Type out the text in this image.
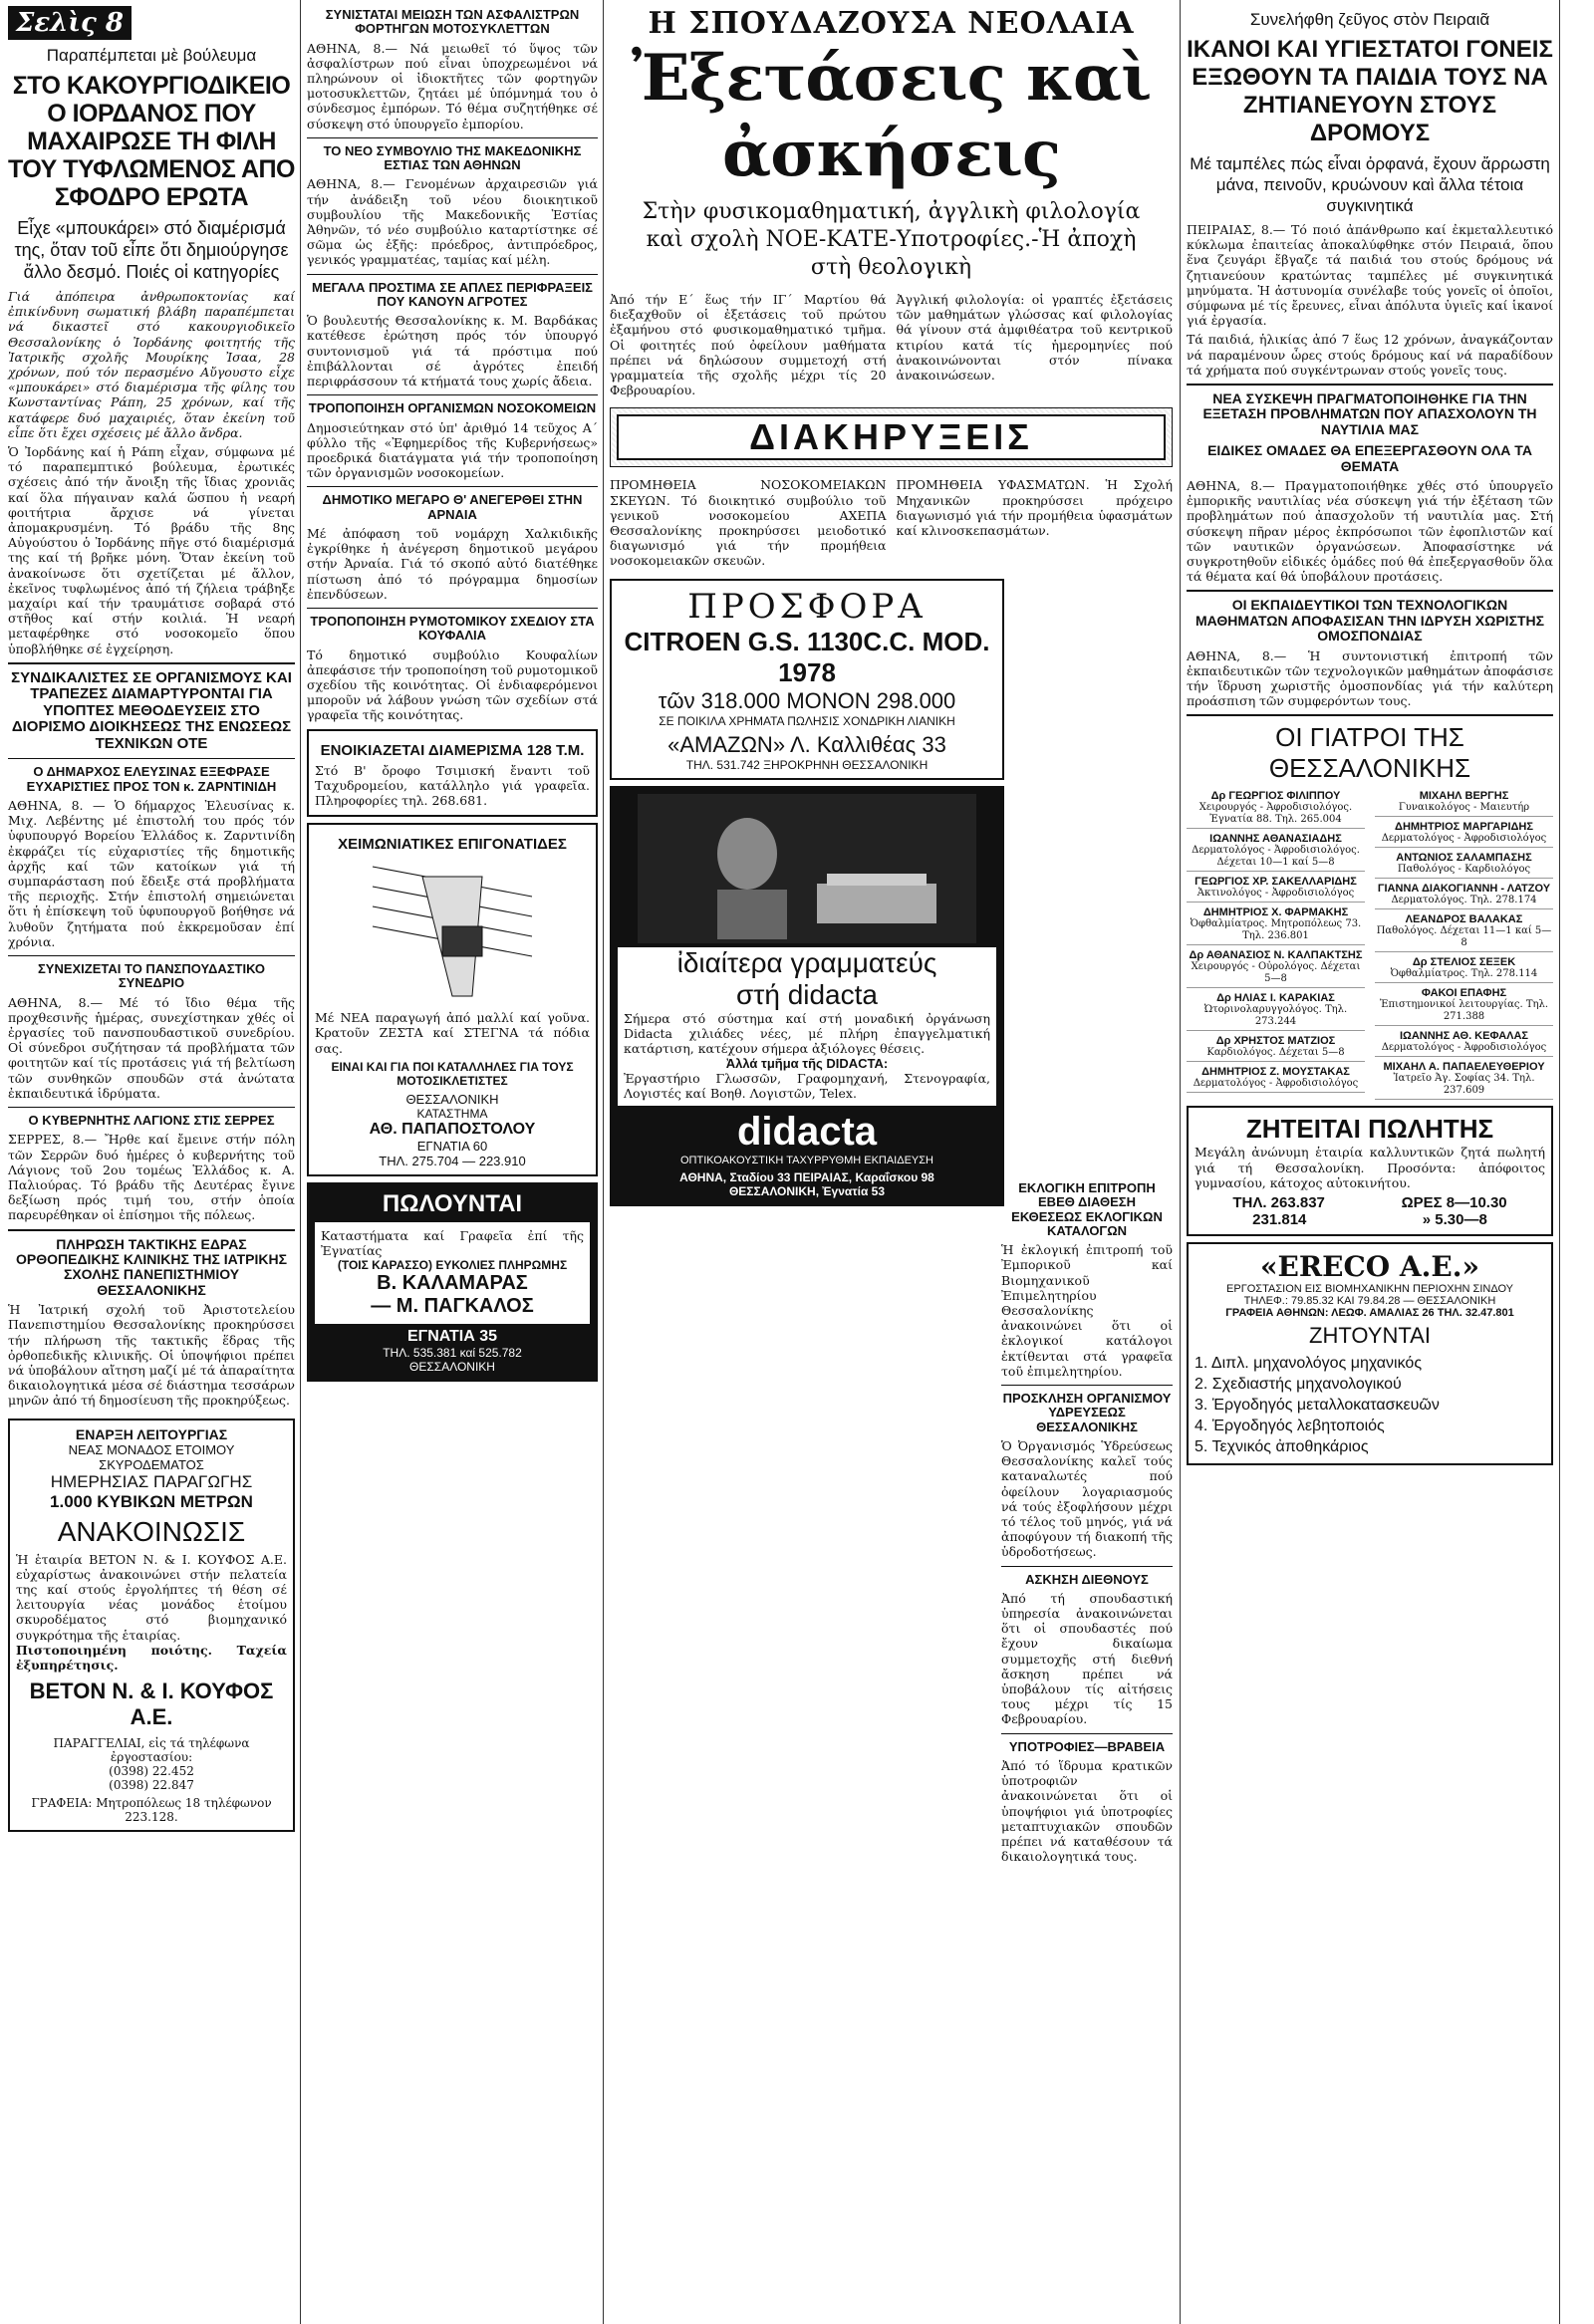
Σελὶς 8
Παραπέμπεται μὲ βούλευμα
ΣΤΟ ΚΑΚΟΥΡΓΙΟΔΙΚΕΙΟ Ο ΙΟΡΔΑΝΟΣ ΠΟΥ ΜΑΧΑΙΡΩΣΕ ΤΗ ΦΙΛΗ ΤΟΥ ΤΥΦΛΩΜΕΝΟΣ ΑΠΟ ΣΦΟΔΡΟ ΕΡΩΤΑ
Εἶχε «μπουκάρει» στό διαμέρισμά της, ὅταν τοῦ εἶπε ὅτι δημιούργησε ἄλλο δεσμό. Ποιές οἱ κατηγορίες
Γιά ἀπόπειρα ἀνθρωποκτονίας καί ἐπικίνδυνη σωματική βλάβη παραπέμπεται νά δικαστεῖ στό κακουργιοδικεῖο Θεσσαλονίκης ὁ Ἰορδάνης φοιτητής τῆς Ἰατρικῆς σχολῆς Μουρίκης Ἰσαα, 28 χρόνων, πού τόν περασμένο Αὔγουστο εἶχε «μπουκάρει» στό διαμέρισμα τῆς φίλης του Κωνσταντίνας Ράπη, 25 χρόνων, καί τῆς κατάφερε δυό μαχαιριές, ὅταν ἐκείνη τοῦ εἶπε ὅτι ἔχει σχέσεις μέ ἄλλο ἄνδρα.
Ὁ Ἰορδάνης καί ἡ Ράπη εἶχαν, σύμφωνα μέ τό παραπεμπτικό βούλευμα, ἐρωτικές σχέσεις ἀπό τήν ἄνοιξη τῆς ἴδιας χρονιᾶς καί ὅλα πήγαιναν καλά ὥσπου ἡ νεαρή φοιτήτρια ἄρχισε νά γίνεται ἀπομακρυσμένη. Τό βράδυ τῆς 8ης Αὐγούστου ὁ Ἰορδάνης πῆγε στό διαμέρισμά της καί τή βρῆκε μόνη. Ὅταν ἐκείνη τοῦ ἀνακοίνωσε ὅτι σχετίζεται μέ ἄλλον, ἐκεῖνος τυφλωμένος ἀπό τή ζήλεια τράβηξε μαχαίρι καί τήν τραυμάτισε σοβαρά στό στῆθος καί στήν κοιλιά. Ἡ νεαρή μεταφέρθηκε στό νοσοκομεῖο ὅπου ὑποβλήθηκε σέ ἐγχείρηση.
ΣΥΝΔΙΚΑΛΙΣΤΕΣ ΣΕ ΟΡΓΑΝΙΣΜΟΥΣ ΚΑΙ ΤΡΑΠΕΖΕΣ ΔΙΑΜΑΡΤΥΡΟΝΤΑΙ ΓΙΑ ΥΠΟΠΤΕΣ ΜΕΘΟΔΕΥΣΕΙΣ ΣΤΟ ΔΙΟΡΙΣΜΟ ΔΙΟΙΚΗΣΕΩΣ ΤΗΣ ΕΝΩΣΕΩΣ ΤΕΧΝΙΚΩΝ ΟΤΕ
Ο ΔΗΜΑΡΧΟΣ ΕΛΕΥΣΙΝΑΣ ΕΞΕΦΡΑΣΕ ΕΥΧΑΡΙΣΤΙΕΣ ΠΡΟΣ ΤΟΝ κ. ΖΑΡΝΤΙΝΙΔΗ
ΑΘΗΝΑ, 8. — Ὁ δήμαρχος Ἐλευσίνας κ. Μιχ. Λεβέντης μέ ἐπιστολή του πρός τόν ὑφυπουργό Βορείου Ἑλλάδος κ. Ζαρντινίδη ἐκφράζει τίς εὐχαριστίες τῆς δημοτικῆς ἀρχῆς καί τῶν κατοίκων γιά τή συμπαράσταση πού ἔδειξε στά προβλήματα τῆς περιοχῆς. Στήν ἐπιστολή σημειώνεται ὅτι ἡ ἐπίσκεψη τοῦ ὑφυπουργοῦ βοήθησε νά λυθοῦν ζητήματα πού ἐκκρεμοῦσαν ἐπί χρόνια.
ΣΥΝΕΧΙΖΕΤΑΙ ΤΟ ΠΑΝΣΠΟΥΔΑΣΤΙΚΟ ΣΥΝΕΔΡΙΟ
ΑΘΗΝΑ, 8.— Μέ τό ἴδιο θέμα τῆς προχθεσινῆς ἡμέρας, συνεχίστηκαν χθές οἱ ἐργασίες τοῦ πανσπουδαστικοῦ συνεδρίου. Οἱ σύνεδροι συζήτησαν τά προβλήματα τῶν φοιτητῶν καί τίς προτάσεις γιά τή βελτίωση τῶν συνθηκῶν σπουδῶν στά ἀνώτατα ἐκπαιδευτικά ἱδρύματα.
Ο ΚΥΒΕΡΝΗΤΗΣ ΛΑΓΙΟΝΣ ΣΤΙΣ ΣΕΡΡΕΣ
ΣΕΡΡΕΣ, 8.— Ἤρθε καί ἔμεινε στήν πόλη τῶν Σερρῶν δυό ἡμέρες ὁ κυβερνήτης τοῦ Λάγιονς τοῦ 2ου τομέως Ἑλλάδος κ. Α. Παλιούρας. Τό βράδυ τῆς Δευτέρας ἔγινε δεξίωση πρός τιμή του, στήν ὁποία παρευρέθηκαν οἱ ἐπίσημοι τῆς πόλεως.
ΠΛΗΡΩΣΗ ΤΑΚΤΙΚΗΣ ΕΔΡΑΣ ΟΡΘΟΠΕΔΙΚΗΣ ΚΛΙΝΙΚΗΣ ΤΗΣ ΙΑΤΡΙΚΗΣ ΣΧΟΛΗΣ ΠΑΝΕΠΙΣΤΗΜΙΟΥ ΘΕΣΣΑΛΟΝΙΚΗΣ
Ἡ Ἰατρική σχολή τοῦ Ἀριστοτελείου Πανεπιστημίου Θεσσαλονίκης προκηρύσσει τήν πλήρωση τῆς τακτικῆς ἕδρας τῆς ὀρθοπεδικῆς κλινικῆς. Οἱ ὑποψήφιοι πρέπει νά ὑποβάλουν αἴτηση μαζί μέ τά ἀπαραίτητα δικαιολογητικά μέσα σέ διάστημα τεσσάρων μηνῶν ἀπό τή δημοσίευση τῆς προκηρύξεως.
ΕΝΑΡΞΗ ΛΕΙΤΟΥΡΓΙΑΣ
ΝΕΑΣ ΜΟΝΑΔΟΣ ΕΤΟΙΜΟΥ ΣΚΥΡΟΔΕΜΑΤΟΣ
ΗΜΕΡΗΣΙΑΣ ΠΑΡΑΓΩΓΗΣ
1.000 ΚΥΒΙΚΩΝ ΜΕΤΡΩΝ
ΑΝΑΚΟΙΝΩΣΙΣ
Ἡ ἑταιρία ΒΕΤΟΝ Ν. & Ι. ΚΟΥΦΟΣ Α.Ε. εὐχαρίστως ἀνακοινώνει στήν πελατεία της καί στούς ἐργολήπτες τή θέση σέ λειτουργία νέας μονάδος ἑτοίμου σκυροδέματος στό βιομηχανικό συγκρότημα τῆς ἑταιρίας.
Πιστοποιημένη ποιότης. Ταχεία ἐξυπηρέτησις.
ΒΕΤΟΝ Ν. & Ι. ΚΟΥΦΟΣ Α.Ε.
ΠΑΡΑΓΓΕΛΙΑΙ, εἰς τά τηλέφωνα ἐργοστασίου:
(0398) 22.452
(0398) 22.847
ΓΡΑΦΕΙΑ: Μητροπόλεως 18 τηλέφωνον 223.128.
ΣΥΝΙΣΤΑΤΑΙ ΜΕΙΩΣΗ ΤΩΝ ΑΣΦΑΛΙΣΤΡΩΝ ΦΟΡΤΗΓΩΝ ΜΟΤΟΣΥΚΛΕΤΤΩΝ
ΑΘΗΝΑ, 8.— Νά μειωθεῖ τό ὕψος τῶν ἀσφαλίστρων πού εἶναι ὑποχρεωμένοι νά πληρώνουν οἱ ἰδιοκτῆτες τῶν φορτηγῶν μοτοσυκλεττῶν, ζητάει μέ ὑπόμνημά του ὁ σύνδεσμος ἐμπόρων. Τό θέμα συζητήθηκε σέ σύσκεψη στό ὑπουργεῖο ἐμπορίου.
ΤΟ ΝΕΟ ΣΥΜΒΟΥΛΙΟ ΤΗΣ ΜΑΚΕΔΟΝΙΚΗΣ ΕΣΤΙΑΣ ΤΩΝ ΑΘΗΝΩΝ
ΑΘΗΝΑ, 8.— Γενομένων ἀρχαιρεσιῶν γιά τήν ἀνάδειξη τοῦ νέου διοικητικοῦ συμβουλίου τῆς Μακεδονικῆς Ἑστίας Ἀθηνῶν, τό νέο συμβούλιο καταρτίστηκε σέ σῶμα ὡς ἑξῆς: πρόεδρος, ἀντιπρόεδρος, γενικός γραμματέας, ταμίας καί μέλη.
ΜΕΓΑΛΑ ΠΡΟΣΤΙΜΑ ΣΕ ΑΠΛΕΣ ΠΕΡΙΦΡΑΞΕΙΣ ΠΟΥ ΚΑΝΟΥΝ ΑΓΡΟΤΕΣ
Ὁ βουλευτής Θεσσαλονίκης κ. Μ. Βαρδάκας κατέθεσε ἐρώτηση πρός τόν ὑπουργό συντονισμοῦ γιά τά πρόστιμα πού ἐπιβάλλονται σέ ἀγρότες ἐπειδή περιφράσσουν τά κτήματά τους χωρίς ἄδεια.
ΤΡΟΠΟΠΟΙΗΣΗ ΟΡΓΑΝΙΣΜΩΝ ΝΟΣΟΚΟΜΕΙΩΝ
Δημοσιεύτηκαν στό ὑπ' ἀριθμό 14 τεῦχος Α΄ φύλλο τῆς «Ἐφημερίδος τῆς Κυβερνήσεως» προεδρικά διατάγματα γιά τήν τροποποίηση τῶν ὀργανισμῶν νοσοκομείων.
ΔΗΜΟΤΙΚΟ ΜΕΓΑΡΟ Θ' ΑΝΕΓΕΡΘΕΙ ΣΤΗΝ ΑΡΝΑΙΑ
Μέ ἀπόφαση τοῦ νομάρχη Χαλκιδικῆς ἐγκρίθηκε ἡ ἀνέγερση δημοτικοῦ μεγάρου στήν Ἀρναία. Γιά τό σκοπό αὐτό διατέθηκε πίστωση ἀπό τό πρόγραμμα δημοσίων ἐπενδύσεων.
ΤΡΟΠΟΠΟΙΗΣΗ ΡΥΜΟΤΟΜΙΚΟΥ ΣΧΕΔΙΟΥ ΣΤΑ ΚΟΥΦΑΛΙΑ
Τό δημοτικό συμβούλιο Κουφαλίων ἀπεφάσισε τήν τροποποίηση τοῦ ρυμοτομικοῦ σχεδίου τῆς κοινότητας. Οἱ ἐνδιαφερόμενοι μποροῦν νά λάβουν γνώση τῶν σχεδίων στά γραφεῖα τῆς κοινότητας.
ΕΝΟΙΚΙΑΖΕΤΑΙ ΔΙΑΜΕΡΙΣΜΑ 128 Τ.Μ.
Στό Β' ὄροφο Τσιμισκή ἔναντι τοῦ Ταχυδρομείου, κατάλληλο γιά γραφεῖα. Πληροφορίες τηλ. 268.681.
ΧΕΙΜΩΝΙΑΤΙΚΕΣ ΕΠΙΓΟΝΑΤΙΔΕΣ
Μέ ΝΕΑ παραγωγή ἀπό μαλλί καί γοῦνα. Κρατοῦν ΖΕΣΤΑ καί ΣΤΕΓΝΑ τά πόδια σας.
ΕΙΝΑΙ ΚΑΙ ΓΙΑ ΠΟΙ ΚΑΤΑΛΛΗΛΕΣ ΓΙΑ ΤΟΥΣ ΜΟΤΟΣΙΚΛΕΤΙΣΤΕΣ
ΘΕΣΣΑΛΟΝΙΚΗ
ΚΑΤΑΣΤΗΜΑ
ΑΘ. ΠΑΠΑΠΟΣΤΟΛΟΥ
ΕΓΝΑΤΙΑ 60
ΤΗΛ. 275.704 — 223.910
ΠΩΛΟΥΝΤΑΙ
Καταστήματα καί Γραφεῖα ἐπί τῆς Ἐγνατίας
(ΤΟΙΣ ΚΑΡΑΣΣΟ) ΕΥΚΟΛΙΕΣ ΠΛΗΡΩΜΗΣ
Β. ΚΑΛΑΜΑΡΑΣ
— Μ. ΠΑΓΚΑΛΟΣ
ΕΓΝΑΤΙΑ 35
ΤΗΛ. 535.381 καί 525.782
ΘΕΣΣΑΛΟΝΙΚΗ
Η ΣΠΟΥΔΑΖΟΥΣΑ ΝΕΟΛΑΙΑ
Ἐξετάσεις καὶ ἀσκήσεις
Στὴν φυσικομαθηματική, ἀγγλικὴ φιλολογία καὶ σχολὴ ΝΟΕ-ΚΑΤΕ-Υποτροφίες.-Ἡ ἀποχὴ στὴ θεολογικὴ
Ἀπό τήν Ε΄ ἕως τήν ΙΓ΄ Μαρτίου θά διεξαχθοῦν οἱ ἐξετάσεις τοῦ πρώτου ἐξαμήνου στό φυσικομαθηματικό τμῆμα. Οἱ φοιτητές πού ὀφείλουν μαθήματα πρέπει νά δηλώσουν συμμετοχή στή γραμματεία τῆς σχολῆς μέχρι τίς 20 Φεβρουαρίου.
Ἀγγλική φιλολογία: οἱ γραπτές ἐξετάσεις τῶν μαθημάτων γλώσσας καί φιλολογίας θά γίνουν στά ἀμφιθέατρα τοῦ κεντρικοῦ κτιρίου κατά τίς ἡμερομηνίες πού ἀνακοινώνονται στόν πίνακα ἀνακοινώσεων.
ΔΙΑΚΗΡΥΞΕΙΣ
ΠΡΟΜΗΘΕΙΑ ΝΟΣΟΚΟΜΕΙΑΚΩΝ ΣΚΕΥΩΝ. Τό διοικητικό συμβούλιο τοῦ γενικοῦ νοσοκομείου ΑΧΕΠΑ Θεσσαλονίκης προκηρύσσει μειοδοτικό διαγωνισμό γιά τήν προμήθεια νοσοκομειακῶν σκευῶν.
ΠΡΟΜΗΘΕΙΑ ΥΦΑΣΜΑΤΩΝ. Ἡ Σχολή Μηχανικῶν προκηρύσσει πρόχειρο διαγωνισμό γιά τήν προμήθεια ὑφασμάτων καί κλινοσκεπασμάτων.
ΠΡΟΣΦΟΡΑ
CITROEN G.S. 1130C.C. MOD. 1978
τῶν 318.000 ΜΟΝΟΝ 298.000
ΣΕ ΠΟΙΚΙΛΑ ΧΡΗΜΑΤΑ ΠΩΛΗΣΙΣ ΧΟΝΔΡΙΚΗ ΛΙΑΝΙΚΗ
«ΑΜΑΖΩΝ» Λ. Καλλιθέας 33
ΤΗΛ. 531.742 ΞΗΡΟΚΡΗΝΗ ΘΕΣΣΑΛΟΝΙΚΗ
ἰδιαίτερα γραμματεύς
στή didacta
Σήμερα στό σύστημα καί στή μοναδική ὀργάνωση Didacta χιλιάδες νέες, μέ πλήρη ἐπαγγελματική κατάρτιση, κατέχουν σήμερα ἀξιόλογες θέσεις.
Ἀλλά τμῆμα τῆς DIDACTA:
Ἐργαστήριο Γλωσσῶν, Γραφομηχανή, Στενογραφία, Λογιστές καί Βοηθ. Λογιστῶν, Telex.
didacta
ΟΠΤΙΚΟΑΚΟΥΣΤΙΚΗ ΤΑΧΥΡΡΥΘΜΗ ΕΚΠΑΙΔΕΥΣΗ
ΑΘΗΝΑ, Σταδίου 33 ΠΕΙΡΑΙΑΣ, Καραΐσκου 98
ΘΕΣΣΑΛΟΝΙΚΗ, Ἐγνατία 53	ΕΚΛΟΓΙΚΗ ΕΠΙΤΡΟΠΗ ΕΒΕΘ ΔΙΑΘΕΣΗ ΕΚΘΕΣΕΩΣ ΕΚΛΟΓΙΚΩΝ ΚΑΤΑΛΟΓΩΝ
Ἡ ἐκλογική ἐπιτροπή τοῦ Ἐμπορικοῦ καί Βιομηχανικοῦ Ἐπιμελητηρίου Θεσσαλονίκης ἀνακοινώνει ὅτι οἱ ἐκλογικοί κατάλογοι ἐκτίθενται στά γραφεῖα τοῦ ἐπιμελητηρίου.
ΠΡΟΣΚΛΗΣΗ ΟΡΓΑΝΙΣΜΟΥ ΥΔΡΕΥΣΕΩΣ ΘΕΣΣΑΛΟΝΙΚΗΣ
Ὁ Ὀργανισμός Ὑδρεύσεως Θεσσαλονίκης καλεῖ τούς καταναλωτές πού ὀφείλουν λογαριασμούς νά τούς ἐξοφλήσουν μέχρι τό τέλος τοῦ μηνός, γιά νά ἀποφύγουν τή διακοπή τῆς ὑδροδοτήσεως.
ΑΣΚΗΣΗ ΔΙΕΘΝΟΥΣ
Ἀπό τή σπουδαστική ὑπηρεσία ἀνακοινώνεται ὅτι οἱ σπουδαστές πού ἔχουν δικαίωμα συμμετοχῆς στή διεθνή ἄσκηση πρέπει νά ὑποβάλουν τίς αἰτήσεις τους μέχρι τίς 15 Φεβρουαρίου.
ΥΠΟΤΡΟΦΙΕΣ—ΒΡΑΒΕΙΑ
Ἀπό τό ἵδρυμα κρατικῶν ὑποτροφιῶν ἀνακοινώνεται ὅτι οἱ ὑποψήφιοι γιά ὑποτροφίες μεταπτυχιακῶν σπουδῶν πρέπει νά καταθέσουν τά δικαιολογητικά τους.
Συνελήφθη ζεῦγος στὸν Πειραιᾶ
ΙΚΑΝΟΙ ΚΑΙ ΥΓΙΕΣΤΑΤΟΙ ΓΟΝΕΙΣ ΕΞΩΘΟΥΝ ΤΑ ΠΑΙΔΙΑ ΤΟΥΣ ΝΑ ΖΗΤΙΑΝΕΥΟΥΝ ΣΤΟΥΣ ΔΡΟΜΟΥΣ
Μέ ταμπέλες πώς εἶναι ὀρφανά, ἔχουν ἄρρωστη μάνα, πεινοῦν, κρυώνουν καὶ ἄλλα τέτοια συγκινητικά
ΠΕΙΡΑΙΑΣ, 8.— Τό ποιό ἀπάνθρωπο καί ἐκμεταλλευτικό κύκλωμα ἐπαιτείας ἀποκαλύφθηκε στόν Πειραιά, ὅπου ἕνα ζευγάρι ἔβγαζε τά παιδιά του στούς δρόμους νά ζητιανεύουν κρατώντας ταμπέλες μέ συγκινητικά μηνύματα. Ἡ ἀστυνομία συνέλαβε τούς γονεῖς οἱ ὁποῖοι, σύμφωνα μέ τίς ἔρευνες, εἶναι ἀπόλυτα ὑγιεῖς καί ἱκανοί γιά ἐργασία.
Τά παιδιά, ἡλικίας ἀπό 7 ἕως 12 χρόνων, ἀναγκάζονταν νά παραμένουν ὧρες στούς δρόμους καί νά παραδίδουν τά χρήματα πού συγκέντρωναν στούς γονεῖς τους.
ΝΕΑ ΣΥΣΚΕΨΗ ΠΡΑΓΜΑΤΟΠΟΙΗΘΗΚΕ ΓΙΑ ΤΗΝ ΕΞΕΤΑΣΗ ΠΡΟΒΛΗΜΑΤΩΝ ΠΟΥ ΑΠΑΣΧΟΛΟΥΝ ΤΗ ΝΑΥΤΙΛΙΑ ΜΑΣ
ΕΙΔΙΚΕΣ ΟΜΑΔΕΣ ΘΑ ΕΠΕΞΕΡΓΑΣΘΟΥΝ ΟΛΑ ΤΑ ΘΕΜΑΤΑ
ΑΘΗΝΑ, 8.— Πραγματοποιήθηκε χθές στό ὑπουργεῖο ἐμπορικῆς ναυτιλίας νέα σύσκεψη γιά τήν ἐξέταση τῶν προβλημάτων πού ἀπασχολοῦν τή ναυτιλία μας. Στή σύσκεψη πῆραν μέρος ἐκπρόσωποι τῶν ἐφοπλιστῶν καί τῶν ναυτικῶν ὀργανώσεων. Ἀποφασίστηκε νά συγκροτηθοῦν εἰδικές ὁμάδες πού θά ἐπεξεργασθοῦν ὅλα τά θέματα καί θά ὑποβάλουν προτάσεις.
ΟΙ ΕΚΠΑΙΔΕΥΤΙΚΟΙ ΤΩΝ ΤΕΧΝΟΛΟΓΙΚΩΝ ΜΑΘΗΜΑΤΩΝ ΑΠΟΦΑΣΙΣΑΝ ΤΗΝ ΙΔΡΥΣΗ ΧΩΡΙΣΤΗΣ ΟΜΟΣΠΟΝΔΙΑΣ
ΑΘΗΝΑ, 8.— Ἡ συντονιστική ἐπιτροπή τῶν ἐκπαιδευτικῶν τῶν τεχνολογικῶν μαθημάτων ἀποφάσισε τήν ἵδρυση χωριστῆς ὁμοσπονδίας γιά τήν καλύτερη προάσπιση τῶν συμφερόντων τους.
ΟΙ ΓΙΑΤΡΟΙ ΤΗΣ ΘΕΣΣΑΛΟΝΙΚΗΣ
Δρ ΓΕΩΡΓΙΟΣ ΦΙΛΙΠΠΟΥ
Χειρουργός - Ἀφροδισιολόγος. Ἐγνατία 88. Τηλ. 265.004
ΙΩΑΝΝΗΣ ΑΘΑΝΑΣΙΑΔΗΣ
Δερματολόγος - Ἀφροδισιολόγος. Δέχεται 10—1 καί 5—8
ΓΕΩΡΓΙΟΣ ΧΡ. ΣΑΚΕΛΛΑΡΙΔΗΣ
Ἀκτινολόγος - Ἀφροδισιολόγος
ΔΗΜΗΤΡΙΟΣ Χ. ΦΑΡΜΑΚΗΣ
Ὀφθαλμίατρος. Μητροπόλεως 73. Τηλ. 236.801
Δρ ΑΘΑΝΑΣΙΟΣ Ν. ΚΑΛΠΑΚΤΣΗΣ
Χειρουργός - Οὐρολόγος. Δέχεται 5—8
Δρ ΗΛΙΑΣ Ι. ΚΑΡΑΚΙΑΣ
Ὠτορινολαρυγγολόγος. Τηλ. 273.244
Δρ ΧΡΗΣΤΟΣ ΜΑΤΖΙΟΣ
Καρδιολόγος. Δέχεται 5—8
ΔΗΜΗΤΡΙΟΣ Ζ. ΜΟΥΣΤΑΚΑΣ
Δερματολόγος - Ἀφροδισιολόγος
ΜΙΧΑΗΛ ΒΕΡΓΗΣ
Γυναικολόγος - Μαιευτήρ
ΔΗΜΗΤΡΙΟΣ ΜΑΡΓΑΡΙΔΗΣ
Δερματολόγος - Ἀφροδισιολόγος
ΑΝΤΩΝΙΟΣ ΣΑΛΑΜΠΑΣΗΣ
Παθολόγος - Καρδιολόγος
ΓΙΑΝΝΑ ΔΙΑΚΟΓΙΑΝΝΗ - ΛΑΤΖΟΥ
Δερματολόγος. Τηλ. 278.174
ΛΕΑΝΔΡΟΣ ΒΑΛΑΚΑΣ
Παθολόγος. Δέχεται 11—1 καί 5—8
Δρ ΣΤΕΛΙΟΣ ΣΕΞΕΚ
Ὀφθαλμίατρος. Τηλ. 278.114
ΦΑΚΟΙ ΕΠΑΦΗΣ
Ἐπιστημονικοί λειτουργίας. Τηλ. 271.388
ΙΩΑΝΝΗΣ ΑΘ. ΚΕΦΑΛΑΣ
Δερματολόγος - Ἀφροδισιολόγος
ΜΙΧΑΗΛ Α. ΠΑΠΑΕΛΕΥΘΕΡΙΟΥ
Ἰατρεῖο Ἀγ. Σοφίας 34. Τηλ. 237.609
ΖΗΤΕΙΤΑΙ ΠΩΛΗΤΗΣ
Μεγάλη ἀνώνυμη ἑταιρία καλλυντικῶν ζητά πωλητή γιά τή Θεσσαλονίκη. Προσόντα: ἀπόφοιτος γυμνασίου, κάτοχος αὐτοκινήτου.
ΤΗΛ. 263.837	ΩΡΕΣ 8—10.30
231.814	» 5.30—8
«ERECO Α.Ε.»
ΕΡΓΟΣΤΑΣΙΟΝ ΕΙΣ ΒΙΟΜΗΧΑΝΙΚΗΝ ΠΕΡΙΟΧΗΝ ΣΙΝΔΟΥ
ΤΗΛΕΦ.: 79.85.32 ΚΑΙ 79.84.28 — ΘΕΣΣΑΛΟΝΙΚΗ
ΓΡΑΦΕΙΑ ΑΘΗΝΩΝ: ΛΕΩΦ. ΑΜΑΛΙΑΣ 26 ΤΗΛ. 32.47.801
ΖΗΤΟΥΝΤΑΙ
1. Διπλ. μηχανολόγος μηχανικός
2. Σχεδιαστής μηχανολογικού
3. Ἐργοδηγός μεταλλοκατασκευῶν
4. Ἐργοδηγός λεβητοποιός
5. Τεχνικός ἀποθηκάριος
